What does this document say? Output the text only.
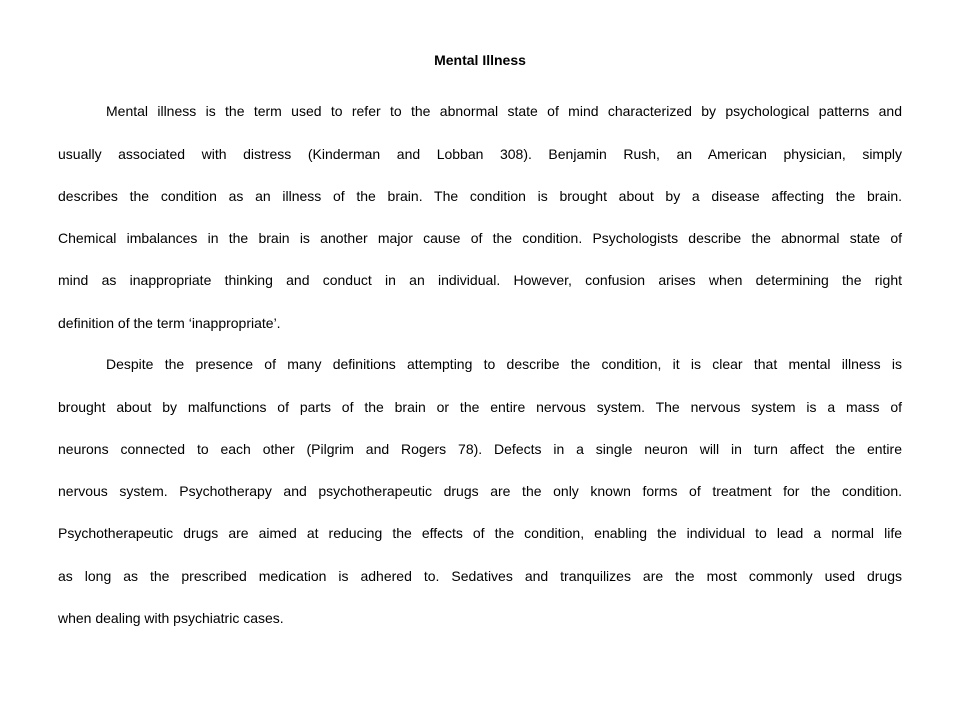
Mental Illness
Mental illness is the term used to refer to the abnormal state of mind characterized by psychological patterns and
usually associated with distress (Kinderman and Lobban 308). Benjamin Rush, an American physician, simply
describes the condition as an illness of the brain. The condition is brought about by a disease affecting the brain.
Chemical imbalances in the brain is another major cause of the condition. Psychologists describe the abnormal state of
mind as inappropriate thinking and conduct in an individual. However, confusion arises when determining the right
definition of the term ‘inappropriate’.
Despite the presence of many definitions attempting to describe the condition, it is clear that mental illness is
brought about by malfunctions of parts of the brain or the entire nervous system. The nervous system is a mass of
neurons connected to each other (Pilgrim and Rogers 78). Defects in a single neuron will in turn affect the entire
nervous system. Psychotherapy and psychotherapeutic drugs are the only known forms of treatment for the condition.
Psychotherapeutic drugs are aimed at reducing the effects of the condition, enabling the individual to lead a normal life
as long as the prescribed medication is adhered to. Sedatives and tranquilizes are the most commonly used drugs
when dealing with psychiatric cases.
